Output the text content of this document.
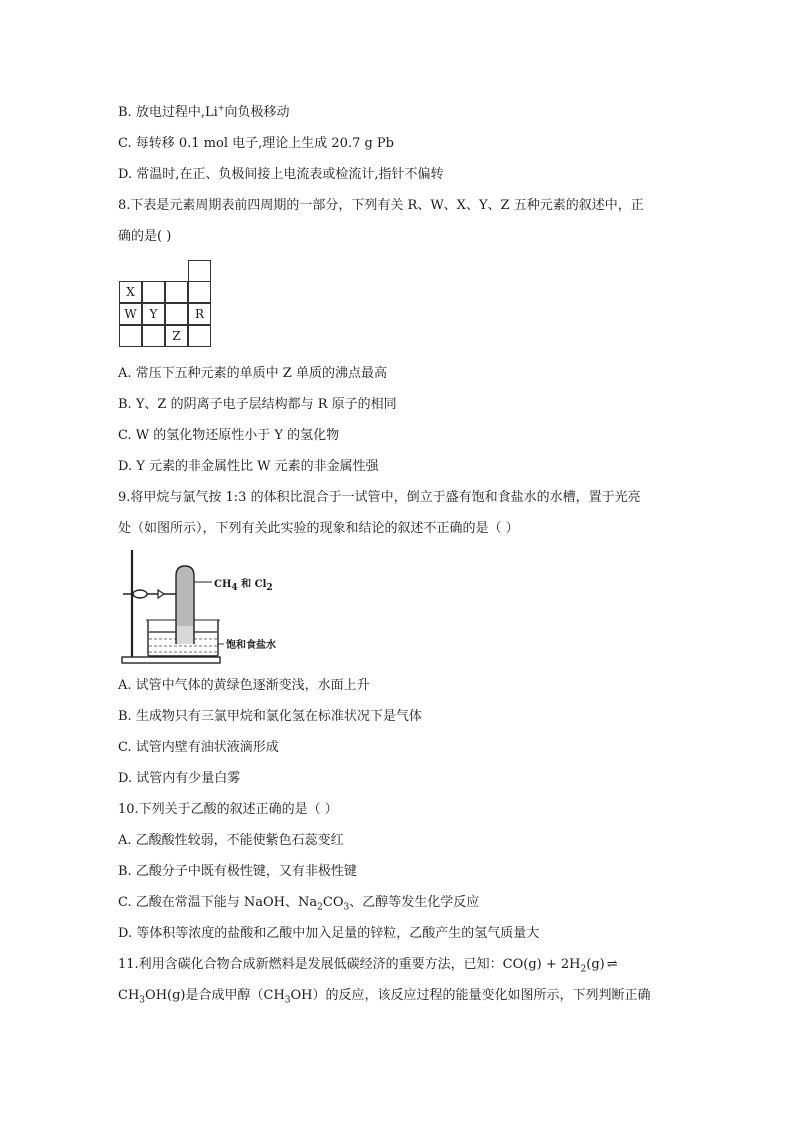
B. 放电过程中,Li+向负极移动
C. 每转移 0.1 mol 电子,理论上生成 20.7 g Pb
D. 常温时,在正、负极间接上电流表或检流计,指针不偏转
8.下表是元素周期表前四周期的一部分，下列有关 R、W、X、Y、Z 五种元素的叙述中，正
确的是( )
X
W	Y	R
Z
A. 常压下五种元素的单质中 Z 单质的沸点最高
B. Y、Z 的阴离子电子层结构都与 R 原子的相同
C. W 的氢化物还原性小于 Y 的氢化物
D. Y 元素的非金属性比 W 元素的非金属性强
9.将甲烷与氯气按 1:3 的体积比混合于一试管中，倒立于盛有饱和食盐水的水槽，置于光亮
处（如图所示），下列有关此实验的现象和结论的叙述不正确的是（ ）
CH4 和 Cl2
饱和食盐水
A. 试管中气体的黄绿色逐渐变浅，水面上升
B. 生成物只有三氯甲烷和氯化氢在标准状况下是气体
C. 试管内壁有油状液滴形成
D. 试管内有少量白雾
10.下列关于乙酸的叙述正确的是（ ）
A. 乙酸酸性较弱，不能使紫色石蕊变红
B. 乙酸分子中既有极性键，又有非极性键
C. 乙酸在常温下能与 NaOH、$Na_2CO_3$、乙醇等发生化学反应
D. 等体积等浓度的盐酸和乙酸中加入足量的锌粒，乙酸产生的氢气质量大
11.利用含碳化合物合成新燃料是发展低碳经济的重要方法，已知：$CO(g) + 2H_2(g)$ ⇌
$CH_3OH(g)$是合成甲醇$(CH_3OH)$的反应，该反应过程的能量变化如图所示，下列判断正确
